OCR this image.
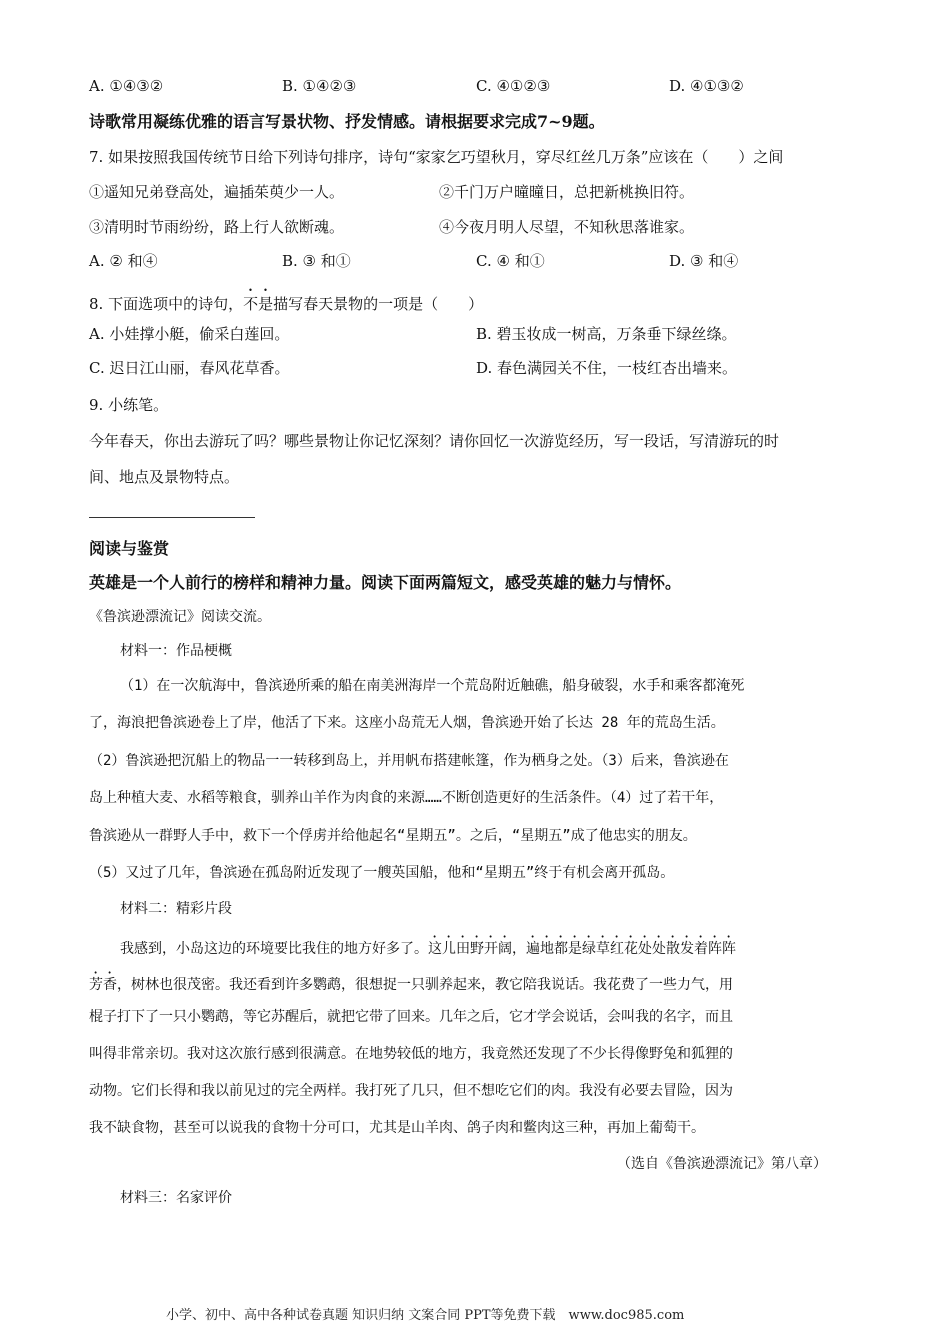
A. ①④③②	B. ①④②③	C. ④①②③	D. ④①③②
诗歌常用凝练优雅的语言写景状物、抒发情感。请根据要求完成7~9题。
7. 如果按照我国传统节日给下列诗句排序，诗句“家家乞巧望秋月，穿尽红丝几万条”应该在（　　）之间
①遥知兄弟登高处，遍插茱萸少一人。	②千门万户曈曈日，总把新桃换旧符。
③清明时节雨纷纷，路上行人欲断魂。	④今夜月明人尽望，不知秋思落谁家。
A. ② 和④	B. ③ 和①	C. ④ 和①	D. ③ 和④
8. 下面选项中的诗句，不是描写春天景物的一项是（　　）
A. 小娃撑小艇，偷采白莲回。	B. 碧玉妆成一树高，万条垂下绿丝绦。
C. 迟日江山丽，春风花草香。	D. 春色满园关不住，一枝红杏出墙来。
9. 小练笔。
今年春天，你出去游玩了吗？哪些景物让你记忆深刻？请你回忆一次游览经历，写一段话，写清游玩的时
间、地点及景物特点。
阅读与鉴赏
英雄是一个人前行的榜样和精神力量。阅读下面两篇短文，感受英雄的魅力与情怀。
《鲁滨逊漂流记》阅读交流。
材料一：作品梗概
（1）在一次航海中，鲁滨逊所乘的船在南美洲海岸一个荒岛附近触礁，船身破裂，水手和乘客都淹死
了，海浪把鲁滨逊卷上了岸，他活了下来。这座小岛荒无人烟，鲁滨逊开始了长达 28 年的荒岛生活。
（2）鲁滨逊把沉船上的物品一一转移到岛上，并用帆布搭建帐篷，作为栖身之处。（3）后来，鲁滨逊在
岛上种植大麦、水稻等粮食，驯养山羊作为肉食的来源……不断创造更好的生活条件。（4）过了若干年，
鲁滨逊从一群野人手中，救下一个俘虏并给他起名“星期五”。之后，“星期五”成了他忠实的朋友。
（5）又过了几年，鲁滨逊在孤岛附近发现了一艘英国船，他和“星期五”终于有机会离开孤岛。
材料二：精彩片段
我感到，小岛这边的环境要比我住的地方好多了。这儿田野开阔，遍地都是绿草红花处处散发着阵阵
芳香，树林也很茂密。我还看到许多鹦鹉，很想捉一只驯养起来，教它陪我说话。我花费了一些力气，用
棍子打下了一只小鹦鹉，等它苏醒后，就把它带了回来。几年之后，它才学会说话，会叫我的名字，而且
叫得非常亲切。我对这次旅行感到很满意。在地势较低的地方，我竟然还发现了不少长得像野兔和狐狸的
动物。它们长得和我以前见过的完全两样。我打死了几只，但不想吃它们的肉。我没有必要去冒险，因为
我不缺食物，甚至可以说我的食物十分可口，尤其是山羊肉、鸽子肉和鳖肉这三种，再加上葡萄干。
（选自《鲁滨逊漂流记》第八章）
材料三：名家评价
小学、初中、高中各种试卷真题 知识归纳 文案合同 PPT等免费下载　www.doc985.com
